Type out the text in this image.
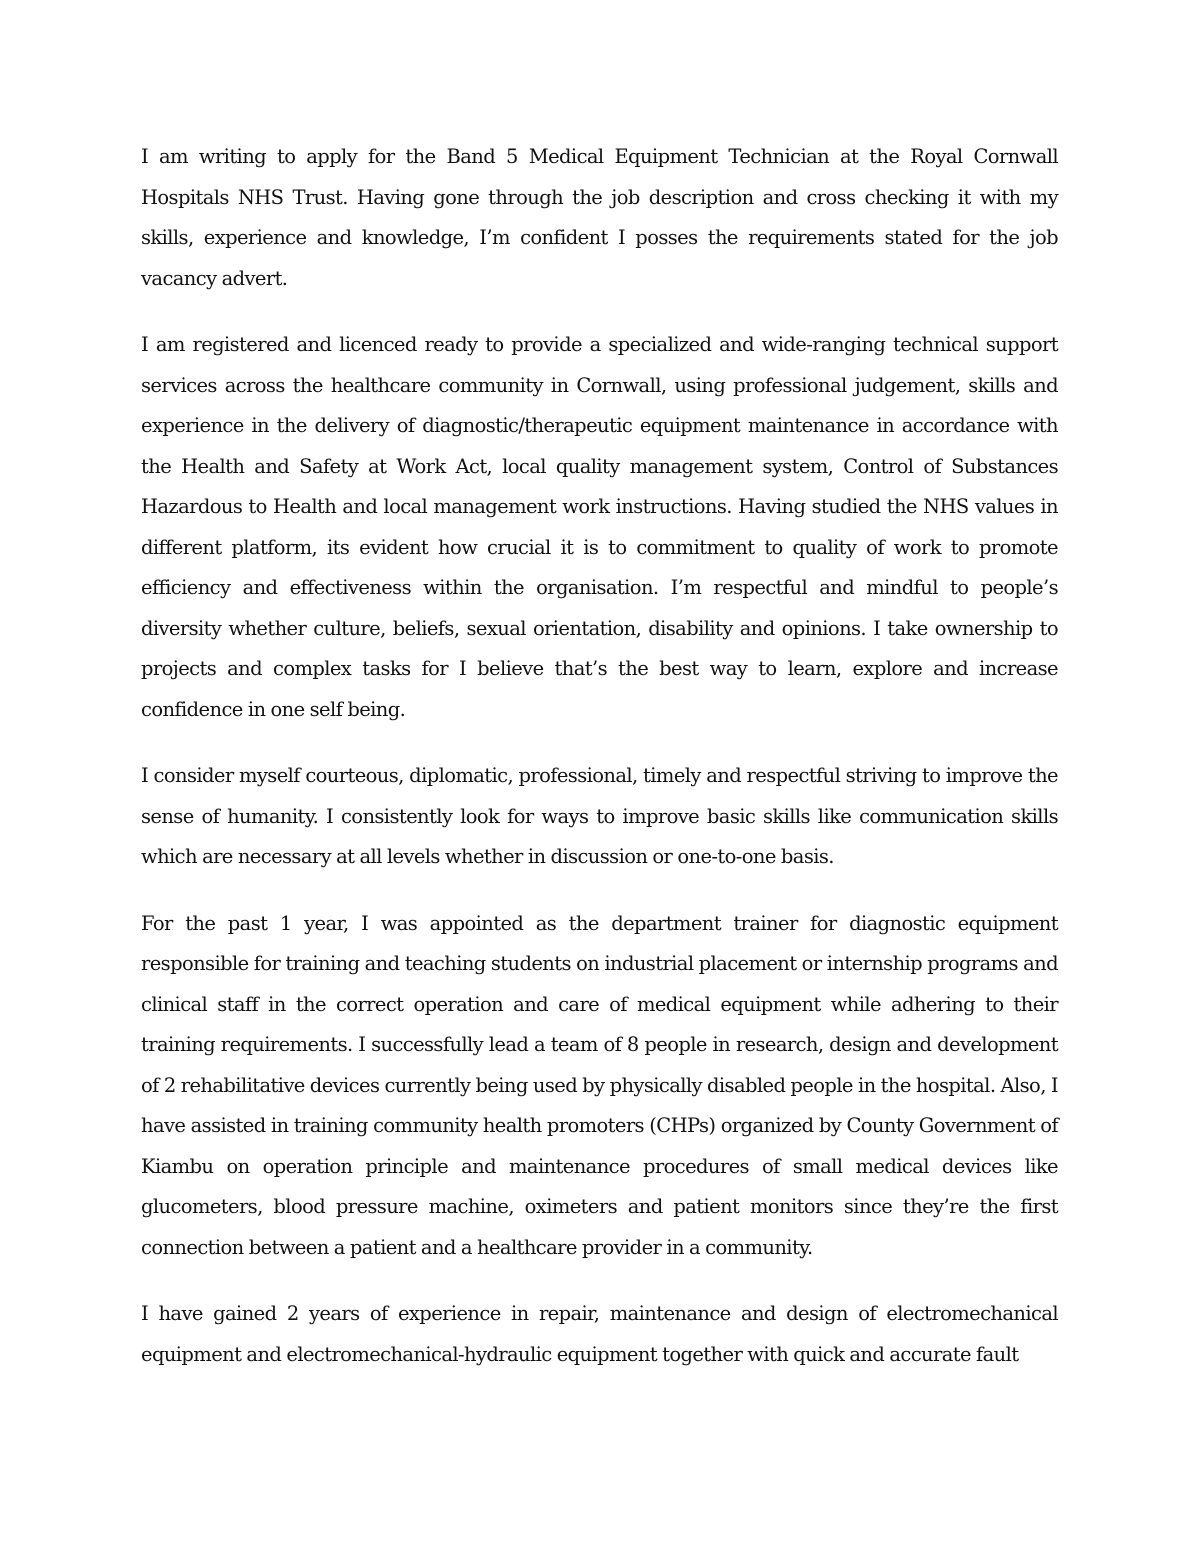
I am writing to apply for the Band 5 Medical Equipment Technician at the Royal Cornwall Hospitals NHS Trust. Having gone through the job description and cross checking it with my skills, experience and knowledge, I’m confident I posses the requirements stated for the job vacancy advert.

I am registered and licenced ready to provide a specialized and wide-ranging technical support services across the healthcare community in Cornwall, using professional judgement, skills and experience in the delivery of diagnostic/therapeutic equipment maintenance in accordance with the Health and Safety at Work Act, local quality management system, Control of Substances Hazardous to Health and local management work instructions. Having studied the NHS values in different platform, its evident how crucial it is to commitment to quality of work to promote efficiency and effectiveness within the organisation. I’m respectful and mindful to people’s diversity whether culture, beliefs, sexual orientation, disability and opinions. I take ownership to projects and complex tasks for I believe that’s the best way to learn, explore and increase confidence in one self being.

I consider myself courteous, diplomatic, professional, timely and respectful striving to improve the sense of humanity. I consistently look for ways to improve basic skills like communication skills which are necessary at all levels whether in discussion or one-to-one basis.

For the past 1 year, I was appointed as the department trainer for diagnostic equipment responsible for training and teaching students on industrial placement or internship programs and clinical staff in the correct operation and care of medical equipment while adhering to their training requirements. I successfully lead a team of 8 people in research, design and development of 2 rehabilitative devices currently being used by physically disabled people in the hospital. Also, I have assisted in training community health promoters (CHPs) organized by County Government of Kiambu on operation principle and maintenance procedures of small medical devices like glucometers, blood pressure machine, oximeters and patient monitors since they’re the first connection between a patient and a healthcare provider in a community.

I have gained 2 years of experience in repair, maintenance and design of electromechanical equipment and electromechanical-hydraulic equipment together with quick and accurate fault
